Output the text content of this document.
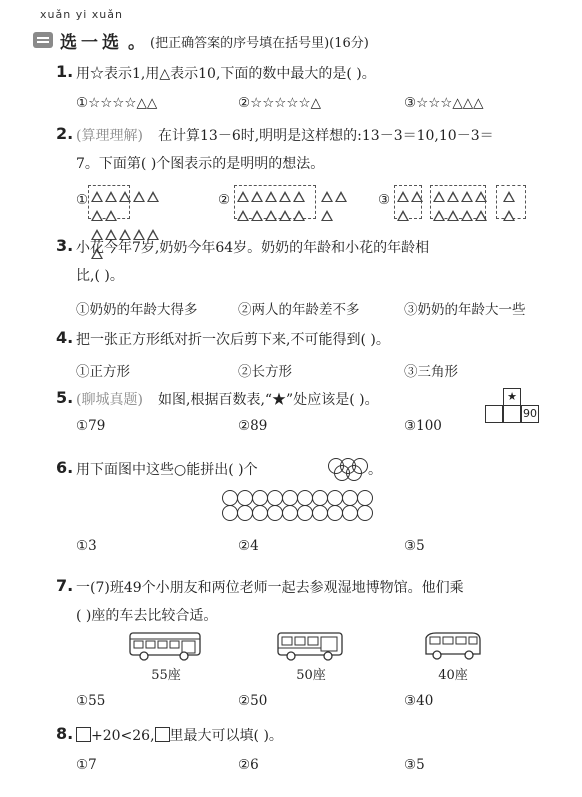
xuǎn yi xuǎn
选一选 。 (把正确答案的序号填在括号里)(16分)
1. 用☆表示1,用△表示10,下面的数中最大的是( )。
①☆☆☆☆△△	②☆☆☆☆☆△	③☆☆☆△△△
2. (算理理解) 在计算13－6时,明明是这样想的:13－3＝10,10－3＝
7。下面第( )个图表示的是明明的想法。
①	②	③

3. 小花今年7岁,奶奶今年64岁。奶奶的年龄和小花的年龄相
比,( )。
①奶奶的年龄大得多	②两人的年龄差不多	③奶奶的年龄大一些
4. 把一张正方形纸对折一次后剪下来,不可能得到( )。
①正方形	②长方形	③三角形
5. (聊城真题) 如图,根据百数表,“★”处应该是( )。	★
90
①79	②89	③100
6. 用下面图中这些○能拼出( )个	。
①3	②4	③5
7. 一(7)班49个小朋友和两位老师一起去参观湿地博物馆。他们乘
( )座的车去比较合适。
55座	50座	40座
①55	②50	③40
8.	+20<26, 里最大可以填( )。
①7	②6	③5
